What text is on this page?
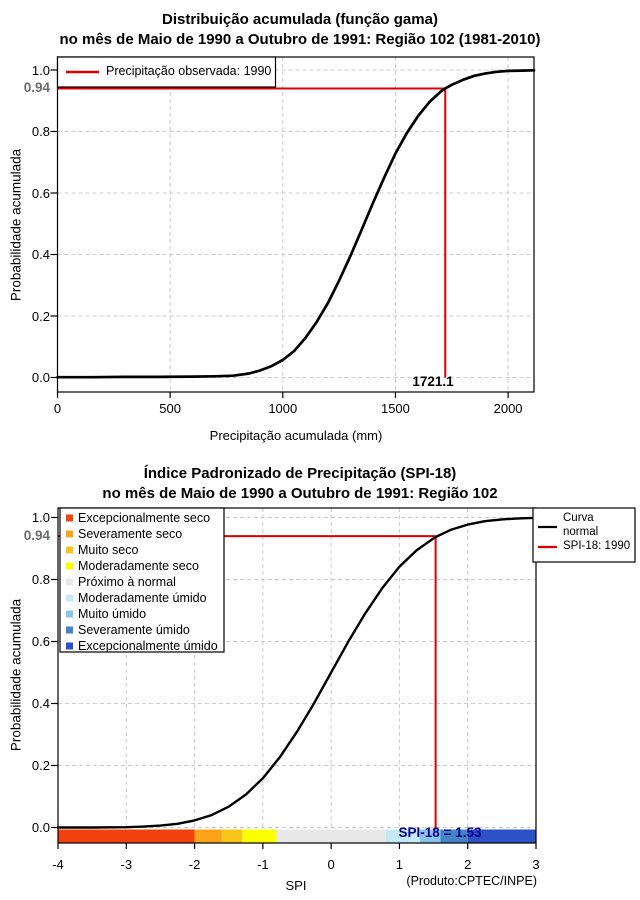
Distribuição acumulada (função gama)
no mês de Maio de 1990 a Outubro de 1991: Região 102 (1981-2010)
Probabilidade acumulada
Precipitação acumulada (mm)
0.94
1721.1
Precipitação observada: 1990
0	500	1000	1500	2000
0.0
0.2
0.4
0.6
0.8
1.0
Índice Padronizado de Precipitação (SPI-18)
no mês de Maio de 1990 a Outubro de 1991: Região 102
Probabilidade acumulada
SPI
0.94
SPI-18 = 1.53
(Produto:CPTEC/INPE)
Curva
normal
SPI-18: 1990
-4	-3	-2	-1	0	1	2	3
0.0
0.2
0.4
0.6
0.8
1.0 Excepcionalmente seco
Severamente seco
Muito seco
Moderadamente seco
Próximo à normal
Moderadamente úmido
Muito úmido
Severamente úmido
Excepcionalmente úmido
